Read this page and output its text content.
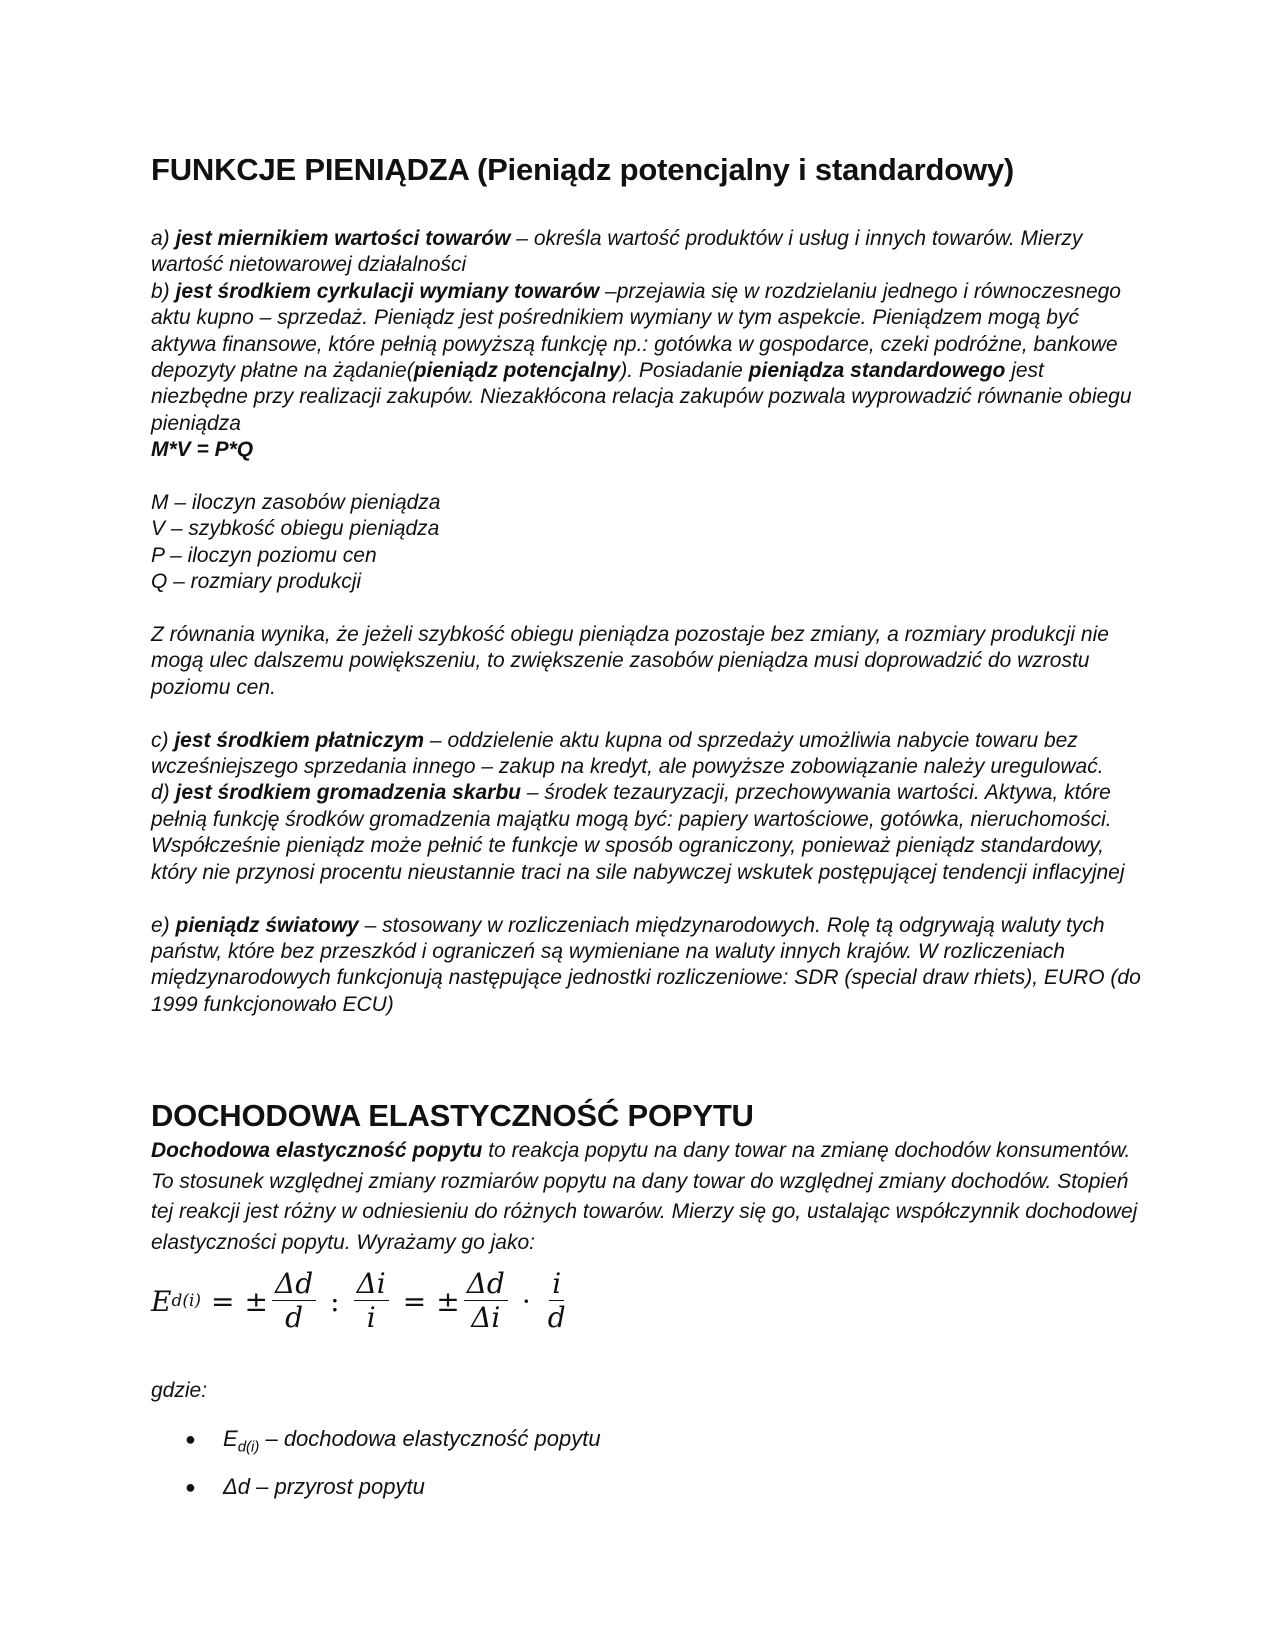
FUNKCJE PIENIĄDZA (Pieniądz potencjalny i standardowy)

a) jest miernikiem wartości towarów – określa wartość produktów i usług i innych towarów. Mierzy wartość nietowarowej działalności

b) jest środkiem cyrkulacji wymiany towarów –przejawia się w rozdzielaniu jednego i równoczesnego aktu kupno – sprzedaż. Pieniądz jest pośrednikiem wymiany w tym aspekcie. Pieniądzem mogą być aktywa finansowe, które pełnią powyższą funkcję np.: gotówka w gospodarce, czeki podróżne, bankowe depozyty płatne na żądanie(pieniądz potencjalny). Posiadanie pieniądza standardowego jest niezbędne przy realizacji zakupów. Niezakłócona relacja zakupów pozwala wyprowadzić równanie obiegu pieniądza

M*V = P*Q

M – iloczyn zasobów pieniądza

V – szybkość obiegu pieniądza

P – iloczyn poziomu cen

Q – rozmiary produkcji

Z równania wynika, że jeżeli szybkość obiegu pieniądza pozostaje bez zmiany, a rozmiary produkcji nie mogą ulec dalszemu powiększeniu, to zwiększenie zasobów pieniądza musi doprowadzić do wzrostu poziomu cen.

c) jest środkiem płatniczym – oddzielenie aktu kupna od sprzedaży umożliwia nabycie towaru bez wcześniejszego sprzedania innego – zakup na kredyt, ale powyższe zobowiązanie należy uregulować.

d) jest środkiem gromadzenia skarbu – środek tezauryzacji, przechowywania wartości. Aktywa, które pełnią funkcję środków gromadzenia majątku mogą być: papiery wartościowe, gotówka, nieruchomości. Współcześnie pieniądz może pełnić te funkcje w sposób ograniczony, ponieważ pieniądz standardowy, który nie przynosi procentu nieustannie traci na sile nabywczej wskutek postępującej tendencji inflacyjnej

e) pieniądz światowy – stosowany w rozliczeniach międzynarodowych. Rolę tą odgrywają waluty tych państw, które bez przeszkód i ograniczeń są wymieniane na waluty innych krajów. W rozliczeniach międzynarodowych funkcjonują następujące jednostki rozliczeniowe: SDR (special draw rhiets), EURO (do 1999 funkcjonowało ECU)

DOCHODOWA ELASTYCZNOŚĆ POPYTU

Dochodowa elastyczność popytu to reakcja popytu na dany towar na zmianę dochodów konsumentów. To stosunek względnej zmiany rozmiarów popytu na dany towar do względnej zmiany dochodów. Stopień tej reakcji jest różny w odniesieniu do różnych towarów. Mierzy się go, ustalając współczynnik dochodowej elastyczności popytu. Wyrażamy go jako:

E d(i) = ± $\frac{\Delta d}{d}$ : $\frac{\Delta i}{i}$ = ± $\frac{\Delta d}{\Delta i} \cdot \frac{i}{d}$

gdzie:

● $E_{d(i)}$ – dochodowa elastyczność popytu
● Δd – przyrost popytu
